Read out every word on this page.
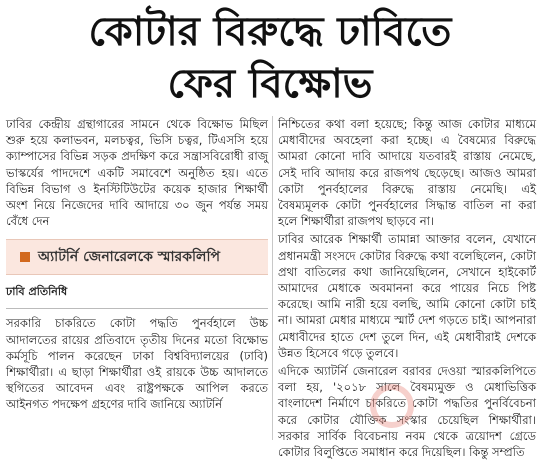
কোটার বিরুদ্ধে ঢাবিতে
ফের বিক্ষোভ

ঢাবির কেন্দ্রীয় গ্রন্থাগারের সামনে থেকে বিক্ষোভ মিছিল শুরু হয়ে কলাভবন, মলচত্বর, ভিসি চত্বর, টিএসসি হয়ে ক্যাম্পাসের বিভিন্ন সড়ক প্রদক্ষিণ করে সন্ত্রাসবিরোধী রাজু ভাস্কর্যের পাদদেশে একটি সমাবেশে অনুষ্ঠিত হয়। এতে বিভিন্ন বিভাগ ও ইনস্টিটিউটের কয়েক হাজার শিক্ষার্থী অংশ নিয়ে নিজেদের দাবি আদায়ে ৩০ জুন পর্যন্ত সময় বেঁধে দেন

অ্যাটর্নি জেনারেলকে স্মারকলিপি
ঢাবি প্রতিনিধি

সরকারি চাকরিতে কোটা পদ্ধতি পুনর্বহালে উচ্চ আদালতের রায়ের প্রতিবাদে তৃতীয় দিনের মতো বিক্ষোভ কর্মসূচি পালন করেছেন ঢাকা বিশ্ববিদ্যালয়ের (ঢাবি) শিক্ষার্থীরা। এ ছাড়া শিক্ষার্থীরা ওই রায়কে উচ্চ আদালতে স্থগিতের আবেদন এবং রাষ্ট্রপক্ষকে আপিল করতে আইনগত পদক্ষেপ গ্রহণের দাবি জানিয়ে অ্যাটর্নি

নিশ্চিতের কথা বলা হয়েছে; কিন্তু আজ কোটার মাধ্যমে মেধাবীদের অবহেলা করা হচ্ছে। এ বৈষম্যের বিরুদ্ধে আমরা কোনো দাবি আদায়ে যতবারই রাস্তায় নেমেছে, সেই দাবি আদায় করে রাজপথ ছেড়েছে। আজও আমরা কোটা পুনর্বহালের বিরুদ্ধে রাস্তায় নেমেছি। এই বৈষম্যমূলক কোটা পুনর্বহালের সিদ্ধান্ত বাতিল না করা হলে শিক্ষার্থীরা রাজপথ ছাড়বে না।

ঢাবির আরেক শিক্ষার্থী তামান্না আক্তার বলেন, যেখানে প্রধানমন্ত্রী সংসদে কোটার বিরুদ্ধে কথা বলেছিলেন, কোটা প্রথা বাতিলের কথা জানিয়েছিলেন, সেখানে হাইকোর্ট আমাদের মেধাকে অবমাননা করে পায়ের নিচে পিষ্ট করেছে। আমি নারী হয়ে বলছি, আমি কোনো কোটা চাই না। আমরা মেধার মাধ্যমে স্মার্ট দেশ গড়তে চাই। আপনারা মেধাবীদের হাতে দেশ তুলে দিন, এই মেধাবীরাই দেশকে উন্নত হিসেবে গড়ে তুলবে।

এদিকে অ্যাটর্নি জেনারেল বরাবর দেওয়া স্মারকলিপিতে বলা হয়, '২০১৮ সালে বৈষম্যমুক্ত ও মেধাভিত্তিক বাংলাদেশ নির্মাণে চাকরিতে কোটা পদ্ধতির পুনর্বিবেচনা করে কোটার যৌক্তিক সংস্কার চেয়েছিল শিক্ষার্থীরা। সরকার সার্বিক বিবেচনায় নবম থেকে ত্রয়োদশ গ্রেডে কোটার বিলুপ্তিতে সমাধান করে দিয়েছিল। কিন্তু সম্প্রতি
